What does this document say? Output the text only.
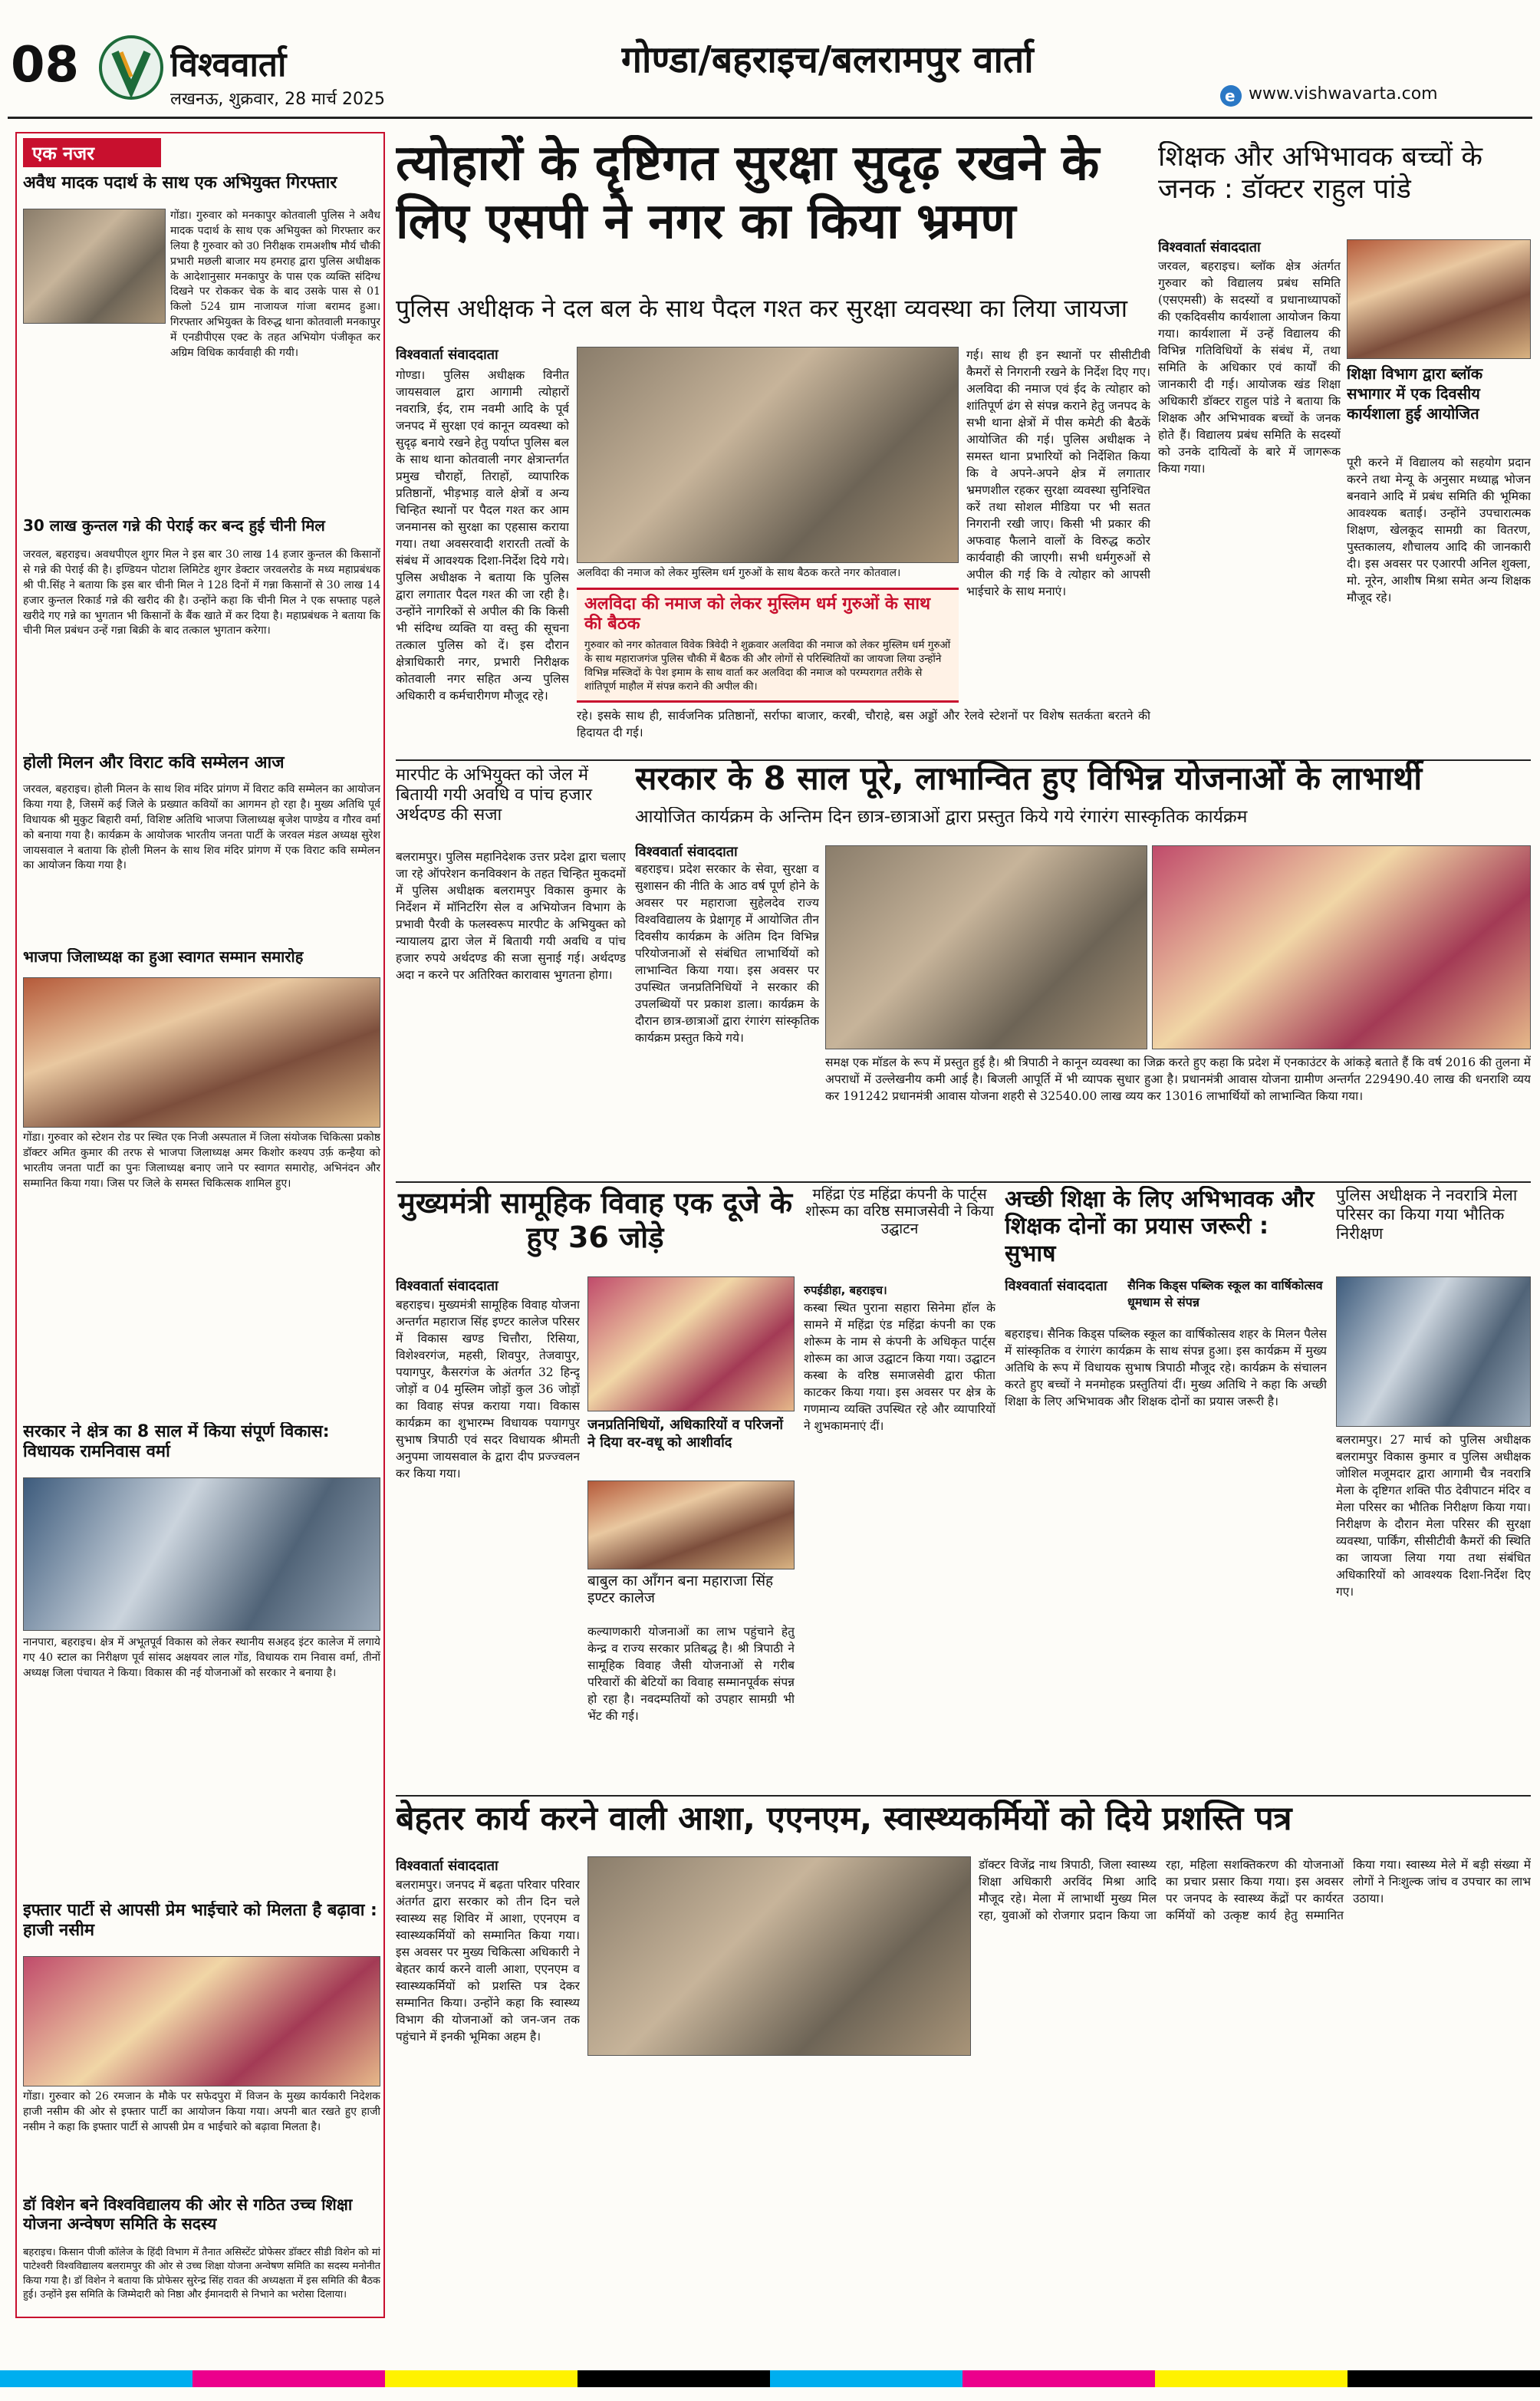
08	विश्ववार्ता
लखनऊ, शुक्रवार, 28 मार्च 2025
गोण्डा/बहराइच/बलरामपुर वार्ता
e www.vishwavarta.com
एक नजर
अवैध मादक पदार्थ के साथ एक अभियुक्त गिरफ्तार
गोंडा। गुरुवार को मनकापुर कोतवाली पुलिस ने अवैध मादक पदार्थ के साथ एक अभियुक्त को गिरफ्तार कर लिया है गुरुवार को उ0 निरीक्षक रामअशीष मौर्य चौकी प्रभारी मछली बाजार मय हमराह द्वारा पुलिस अधीक्षक के आदेशानुसार मनकापुर के पास एक व्यक्ति संदिग्ध दिखने पर रोककर चेक के बाद उसके पास से 01 किलो 524 ग्राम नाजायज गांजा बरामद हुआ। गिरफ्तार अभियुक्त के विरुद्ध थाना कोतवाली मनकापुर में एनडीपीएस एक्ट के तहत अभियोग पंजीकृत कर अग्रिम विधिक कार्यवाही की गयी।
30 लाख कुन्तल गन्ने की पेराई कर बन्द हुई चीनी मिल
जरवल, बहराइच। अवधपीएल शुगर मिल ने इस बार 30 लाख 14 हजार कुन्तल की किसानों से गन्ने की पेराई की है। इण्डियन पोटाश लिमिटेड शुगर डेक्टार जरवलरोड के मध्य महाप्रबंधक श्री पी.सिंह ने बताया कि इस बार चीनी मिल ने 128 दिनों में गन्ना किसानों से 30 लाख 14 हजार कुन्तल रिकार्ड गन्ने की खरीद की है। उन्होंने कहा कि चीनी मिल ने एक सफ्ताह पहले खरीदे गए गन्ने का भुगतान भी किसानों के बैंक खाते में कर दिया है। महाप्रबंधक ने बताया कि चीनी मिल प्रबंधन उन्हें गन्ना बिक्री के बाद तत्काल भुगतान करेगा।
होली मिलन और विराट कवि सम्मेलन आज
जरवल, बहराइच। होली मिलन के साथ शिव मंदिर प्रांगण में विराट कवि सम्मेलन का आयोजन किया गया है, जिसमें कई जिले के प्रख्यात कवियों का आगमन हो रहा है। मुख्य अतिथि पूर्व विधायक श्री मुकुट बिहारी वर्मा, विशिष्ट अतिथि भाजपा जिलाध्यक्ष बृजेश पाण्डेय व गौरव वर्मा को बनाया गया है। कार्यक्रम के आयोजक भारतीय जनता पार्टी के जरवल मंडल अध्यक्ष सुरेश जायसवाल ने बताया कि होली मिलन के साथ शिव मंदिर प्रांगण में एक विराट कवि सम्मेलन का आयोजन किया गया है।
भाजपा जिलाध्यक्ष का हुआ स्वागत सम्मान समारोह
गोंडा। गुरुवार को स्टेशन रोड पर स्थित एक निजी अस्पताल में जिला संयोजक चिकित्सा प्रकोष्ठ डॉक्टर अमित कुमार की तरफ से भाजपा जिलाध्यक्ष अमर किशोर कश्यप उर्फ़ कन्हैया को भारतीय जनता पार्टी का पुनः जिलाध्यक्ष बनाए जाने पर स्वागत समारोह, अभिनंदन और सम्मानित किया गया। जिस पर जिले के समस्त चिकित्सक शामिल हुए।
सरकार ने क्षेत्र का 8 साल में किया संपूर्ण विकास: विधायक रामनिवास वर्मा
नानपारा, बहराइच। क्षेत्र में अभूतपूर्व विकास को लेकर स्थानीय सअहद इंटर कालेज में लगाये गए 40 स्टाल का निरीक्षण पूर्व सांसद अक्षयवर लाल गोंड, विधायक राम निवास वर्मा, तीनों अध्यक्ष जिला पंचायत ने किया। विकास की नई योजनाओं को सरकार ने बनाया है।
इफ्तार पार्टी से आपसी प्रेम भाईचारे को मिलता है बढ़ावा : हाजी नसीम
गोंडा। गुरुवार को 26 रमजान के मौके पर सफेदपुरा में विजन के मुख्य कार्यकारी निदेशक हाजी नसीम की ओर से इफ्तार पार्टी का आयोजन किया गया। अपनी बात रखते हुए हाजी नसीम ने कहा कि इफ्तार पार्टी से आपसी प्रेम व भाईचारे को बढ़ावा मिलता है।
डॉ विशेन बने विश्वविद्यालय की ओर से गठित उच्च शिक्षा योजना अन्वेषण समिति के सदस्य
बहराइच। किसान पीजी कॉलेज के हिंदी विभाग में तैनात असिस्टेंट प्रोफेसर डॉक्टर सीडी विशेन को मां पाटेश्वरी विश्वविद्यालय बलरामपुर की ओर से उच्च शिक्षा योजना अन्वेषण समिति का सदस्य मनोनीत किया गया है। डॉ विशेन ने बताया कि प्रोफेसर सुरेन्द्र सिंह रावत की अध्यक्षता में इस समिति की बैठक हुई। उन्होंने इस समिति के जिम्मेदारी को निष्ठा और ईमानदारी से निभाने का भरोसा दिलाया।
त्योहारों के दृष्टिगत सुरक्षा सुदृढ़ रखने के लिए एसपी ने नगर का किया भ्रमण
पुलिस अधीक्षक ने दल बल के साथ पैदल गश्त कर सुरक्षा व्यवस्था का लिया जायजा
विश्ववार्ता संवाददाता
गोण्डा। पुलिस अधीक्षक विनीत जायसवाल द्वारा आगामी त्योहारों नवरात्रि, ईद, राम नवमी आदि के पूर्व जनपद में सुरक्षा एवं कानून व्यवस्था को सुदृढ़ बनाये रखने हेतु पर्याप्त पुलिस बल के साथ थाना कोतवाली नगर क्षेत्रान्तर्गत प्रमुख चौराहों, तिराहों, व्यापारिक प्रतिष्ठानों, भीड़भाड़ वाले क्षेत्रों व अन्य चिन्हित स्थानों पर पैदल गश्त कर आम जनमानस को सुरक्षा का एहसास कराया गया। तथा अवसरवादी शरारती तत्वों के संबंध में आवश्यक दिशा-निर्देश दिये गये। पुलिस अधीक्षक ने बताया कि पुलिस द्वारा लगातार पैदल गश्त की जा रही है। उन्होंने नागरिकों से अपील की कि किसी भी संदिग्ध व्यक्ति या वस्तु की सूचना तत्काल पुलिस को दें। इस दौरान क्षेत्राधिकारी नगर, प्रभारी निरीक्षक कोतवाली नगर सहित अन्य पुलिस अधिकारी व कर्मचारीगण मौजूद रहे।
अलविदा की नमाज को लेकर मुस्लिम धर्म गुरुओं के साथ बैठक करते नगर कोतवाल।
अलविदा की नमाज को लेकर मुस्लिम धर्म गुरुओं के साथ की बैठक
गुरुवार को नगर कोतवाल विवेक त्रिवेदी ने शुक्रवार अलविदा की नमाज को लेकर मुस्लिम धर्म गुरुओं के साथ महाराजगंज पुलिस चौकी में बैठक की और लोगों से परिस्थितियों का जायजा लिया उन्होंने विभिन्न मस्जिदों के पेश इमाम के साथ वार्ता कर अलविदा की नमाज को परम्परागत तरीके से शांतिपूर्ण माहौल में संपन्न कराने की अपील की।
गई। साथ ही इन स्थानों पर सीसीटीवी कैमरों से निगरानी रखने के निर्देश दिए गए। अलविदा की नमाज एवं ईद के त्योहार को शांतिपूर्ण ढंग से संपन्न कराने हेतु जनपद के सभी थाना क्षेत्रों में पीस कमेटी की बैठकें आयोजित की गई। पुलिस अधीक्षक ने समस्त थाना प्रभारियों को निर्देशित किया कि वे अपने-अपने क्षेत्र में लगातार भ्रमणशील रहकर सुरक्षा व्यवस्था सुनिश्चित करें तथा सोशल मीडिया पर भी सतत निगरानी रखी जाए। किसी भी प्रकार की अफवाह फैलाने वालों के विरुद्ध कठोर कार्यवाही की जाएगी। सभी धर्मगुरुओं से अपील की गई कि वे त्योहार को आपसी भाईचारे के साथ मनाएं।
रहे। इसके साथ ही, सार्वजनिक प्रतिष्ठानों, सर्राफा बाजार, करबी, चौराहे, बस अड्डों और रेलवे स्टेशनों पर विशेष सतर्कता बरतने की हिदायत दी गई।
शिक्षक और अभिभावक बच्चों के जनक : डॉक्टर राहुल पांडे
विश्ववार्ता संवाददाता
जरवल, बहराइच। ब्लॉक क्षेत्र अंतर्गत गुरुवार को विद्यालय प्रबंध समिति (एसएमसी) के सदस्यों व प्रधानाध्यापकों की एकदिवसीय कार्यशाला आयोजन किया गया। कार्यशाला में उन्हें विद्यालय की विभिन्न गतिविधियों के संबंध में, तथा समिति के अधिकार एवं कार्यों की जानकारी दी गई। आयोजक खंड शिक्षा अधिकारी डॉक्टर राहुल पांडे ने बताया कि शिक्षक और अभिभावक बच्चों के जनक होते हैं। विद्यालय प्रबंध समिति के सदस्यों को उनके दायित्वों के बारे में जागरूक किया गया।
शिक्षा विभाग द्वारा ब्लॉक सभागार में एक दिवसीय कार्यशाला हुई आयोजित
पूरी करने में विद्यालय को सहयोग प्रदान करने तथा मेन्यू के अनुसार मध्याह्न भोजन बनवाने आदि में प्रबंध समिति की भूमिका आवश्यक बताई। उन्होंने उपचारात्मक शिक्षण, खेलकूद सामग्री का वितरण, पुस्तकालय, शौचालय आदि की जानकारी दी। इस अवसर पर एआरपी अनिल शुक्ला, मो. नूरेन, आशीष मिश्रा समेत अन्य शिक्षक मौजूद रहे।
मारपीट के अभियुक्त को जेल में बितायी गयी अवधि व पांच हजार अर्थदण्ड की सजा
बलरामपुर। पुलिस महानिदेशक उत्तर प्रदेश द्वारा चलाए जा रहे ऑपरेशन कनविक्शन के तहत चिन्हित मुकदमों में पुलिस अधीक्षक बलरामपुर विकास कुमार के निर्देशन में मॉनिटरिंग सेल व अभियोजन विभाग के प्रभावी पैरवी के फलस्वरूप मारपीट के अभियुक्त को न्यायालय द्वारा जेल में बितायी गयी अवधि व पांच हजार रुपये अर्थदण्ड की सजा सुनाई गई। अर्थदण्ड अदा न करने पर अतिरिक्त कारावास भुगतना होगा।
सरकार के 8 साल पूरे, लाभान्वित हुए विभिन्न योजनाओं के लाभार्थी
आयोजित कार्यक्रम के अन्तिम दिन छात्र-छात्राओं द्वारा प्रस्तुत किये गये रंगारंग सास्कृतिक कार्यक्रम
विश्ववार्ता संवाददाता
बहराइच। प्रदेश सरकार के सेवा, सुरक्षा व सुशासन की नीति के आठ वर्ष पूर्ण होने के अवसर पर महाराजा सुहेलदेव राज्य विश्वविद्यालय के प्रेक्षागृह में आयोजित तीन दिवसीय कार्यक्रम के अंतिम दिन विभिन्न परियोजनाओं से संबंधित लाभार्थियों को लाभान्वित किया गया। इस अवसर पर उपस्थित जनप्रतिनिधियों ने सरकार की उपलब्धियों पर प्रकाश डाला। कार्यक्रम के दौरान छात्र-छात्राओं द्वारा रंगारंग सांस्कृतिक कार्यक्रम प्रस्तुत किये गये।
समक्ष एक मॉडल के रूप में प्रस्तुत हुई है। श्री त्रिपाठी ने कानून व्यवस्था का जिक्र करते हुए कहा कि प्रदेश में एनकाउंटर के आंकड़े बताते हैं कि वर्ष 2016 की तुलना में अपराधों में उल्लेखनीय कमी आई है। बिजली आपूर्ति में भी व्यापक सुधार हुआ है। प्रधानमंत्री आवास योजना ग्रामीण अन्तर्गत 229490.40 लाख की धनराशि व्यय कर 191242 प्रधानमंत्री आवास योजना शहरी से 32540.00 लाख व्यय कर 13016 लाभार्थियों को लाभान्वित किया गया।
मुख्यमंत्री सामूहिक विवाह एक दूजे के हुए 36 जोड़े
विश्ववार्ता संवाददाता
बहराइच। मुख्यमंत्री सामूहिक विवाह योजना अन्तर्गत महाराज सिंह इण्टर कालेज परिसर में विकास खण्ड चित्तौरा, रिसिया, विशेश्वरगंज, महसी, शिवपुर, तेजवापुर, पयागपुर, कैसरगंज के अंतर्गत 32 हिन्दू जोड़ों व 04 मुस्लिम जोड़ों कुल 36 जोड़ों का विवाह संपन्न कराया गया। विकास कार्यक्रम का शुभारम्भ विधायक पयागपुर सुभाष त्रिपाठी एवं सदर विधायक श्रीमती अनुपमा जायसवाल के द्वारा दीप प्रज्ज्वलन कर किया गया।
जनप्रतिनिधियों, अधिकारियों व परिजनों ने दिया वर-वधू को आशीर्वाद
बाबुल का आँगन बना महाराजा सिंह इण्टर कालेज
कल्याणकारी योजनाओं का लाभ पहुंचाने हेतु केन्द्र व राज्य सरकार प्रतिबद्ध है। श्री त्रिपाठी ने सामूहिक विवाह जैसी योजनाओं से गरीब परिवारों की बेटियों का विवाह सम्मानपूर्वक संपन्न हो रहा है। नवदम्पतियों को उपहार सामग्री भी भेंट की गई।
महिंद्रा एंड महिंद्रा कंपनी के पार्ट्स शोरूम का वरिष्ठ समाजसेवी ने किया उद्घाटन
रुपईडीहा, बहराइच।
कस्बा स्थित पुराना सहारा सिनेमा हॉल के सामने में महिंद्रा एंड महिंद्रा कंपनी का एक शोरूम के नाम से कंपनी के अधिकृत पार्ट्स शोरूम का आज उद्घाटन किया गया। उद्घाटन कस्बा के वरिष्ठ समाजसेवी द्वारा फीता काटकर किया गया। इस अवसर पर क्षेत्र के गणमान्य व्यक्ति उपस्थित रहे और व्यापारियों ने शुभकामनाएं दीं।
अच्छी शिक्षा के लिए अभिभावक और शिक्षक दोनों का प्रयास जरूरी : सुभाष
विश्ववार्ता संवाददाता	सैनिक किड्स पब्लिक स्कूल का वार्षिकोत्सव धूमधाम से संपन्न
बहराइच। सैनिक किड्स पब्लिक स्कूल का वार्षिकोत्सव शहर के मिलन पैलेस में सांस्कृतिक व रंगारंग कार्यक्रम के साथ संपन्न हुआ। इस कार्यक्रम में मुख्य अतिथि के रूप में विधायक सुभाष त्रिपाठी मौजूद रहे। कार्यक्रम के संचालन करते हुए बच्चों ने मनमोहक प्रस्तुतियां दीं। मुख्य अतिथि ने कहा कि अच्छी शिक्षा के लिए अभिभावक और शिक्षक दोनों का प्रयास जरूरी है।
पुलिस अधीक्षक ने नवरात्रि मेला परिसर का किया गया भौतिक निरीक्षण
बलरामपुर। 27 मार्च को पुलिस अधीक्षक बलरामपुर विकास कुमार व पुलिस अधीक्षक जोशिल मजूमदार द्वारा आगामी चैत्र नवरात्रि मेला के दृष्टिगत शक्ति पीठ देवीपाटन मंदिर व मेला परिसर का भौतिक निरीक्षण किया गया। निरीक्षण के दौरान मेला परिसर की सुरक्षा व्यवस्था, पार्किंग, सीसीटीवी कैमरों की स्थिति का जायजा लिया गया तथा संबंधित अधिकारियों को आवश्यक दिशा-निर्देश दिए गए।
बेहतर कार्य करने वाली आशा, एएनएम, स्वास्थ्यकर्मियों को दिये प्रशस्ति पत्र
विश्ववार्ता संवाददाता
बलरामपुर। जनपद में बढ़ता परिवार परिवार अंतर्गत द्वारा सरकार को तीन दिन चले स्वास्थ्य सह शिविर में आशा, एएनएम व स्वास्थ्यकर्मियों को सम्मानित किया गया। इस अवसर पर मुख्य चिकित्सा अधिकारी ने बेहतर कार्य करने वाली आशा, एएनएम व स्वास्थ्यकर्मियों को प्रशस्ति पत्र देकर सम्मानित किया। उन्होंने कहा कि स्वास्थ्य विभाग की योजनाओं को जन-जन तक पहुंचाने में इनकी भूमिका अहम है।
डॉक्टर विजेंद्र नाथ त्रिपाठी, जिला स्वास्थ्य शिक्षा अधिकारी अरविंद मिश्रा आदि मौजूद रहे। मेला में लाभार्थी मुख्य मिल रहा, युवाओं को रोजगार प्रदान किया जा रहा, महिला सशक्तिकरण की योजनाओं का प्रचार प्रसार किया गया। इस अवसर पर जनपद के स्वास्थ्य केंद्रों पर कार्यरत कर्मियों को उत्कृष्ट कार्य हेतु सम्मानित किया गया। स्वास्थ्य मेले में बड़ी संख्या में लोगों ने निःशुल्क जांच व उपचार का लाभ उठाया।
